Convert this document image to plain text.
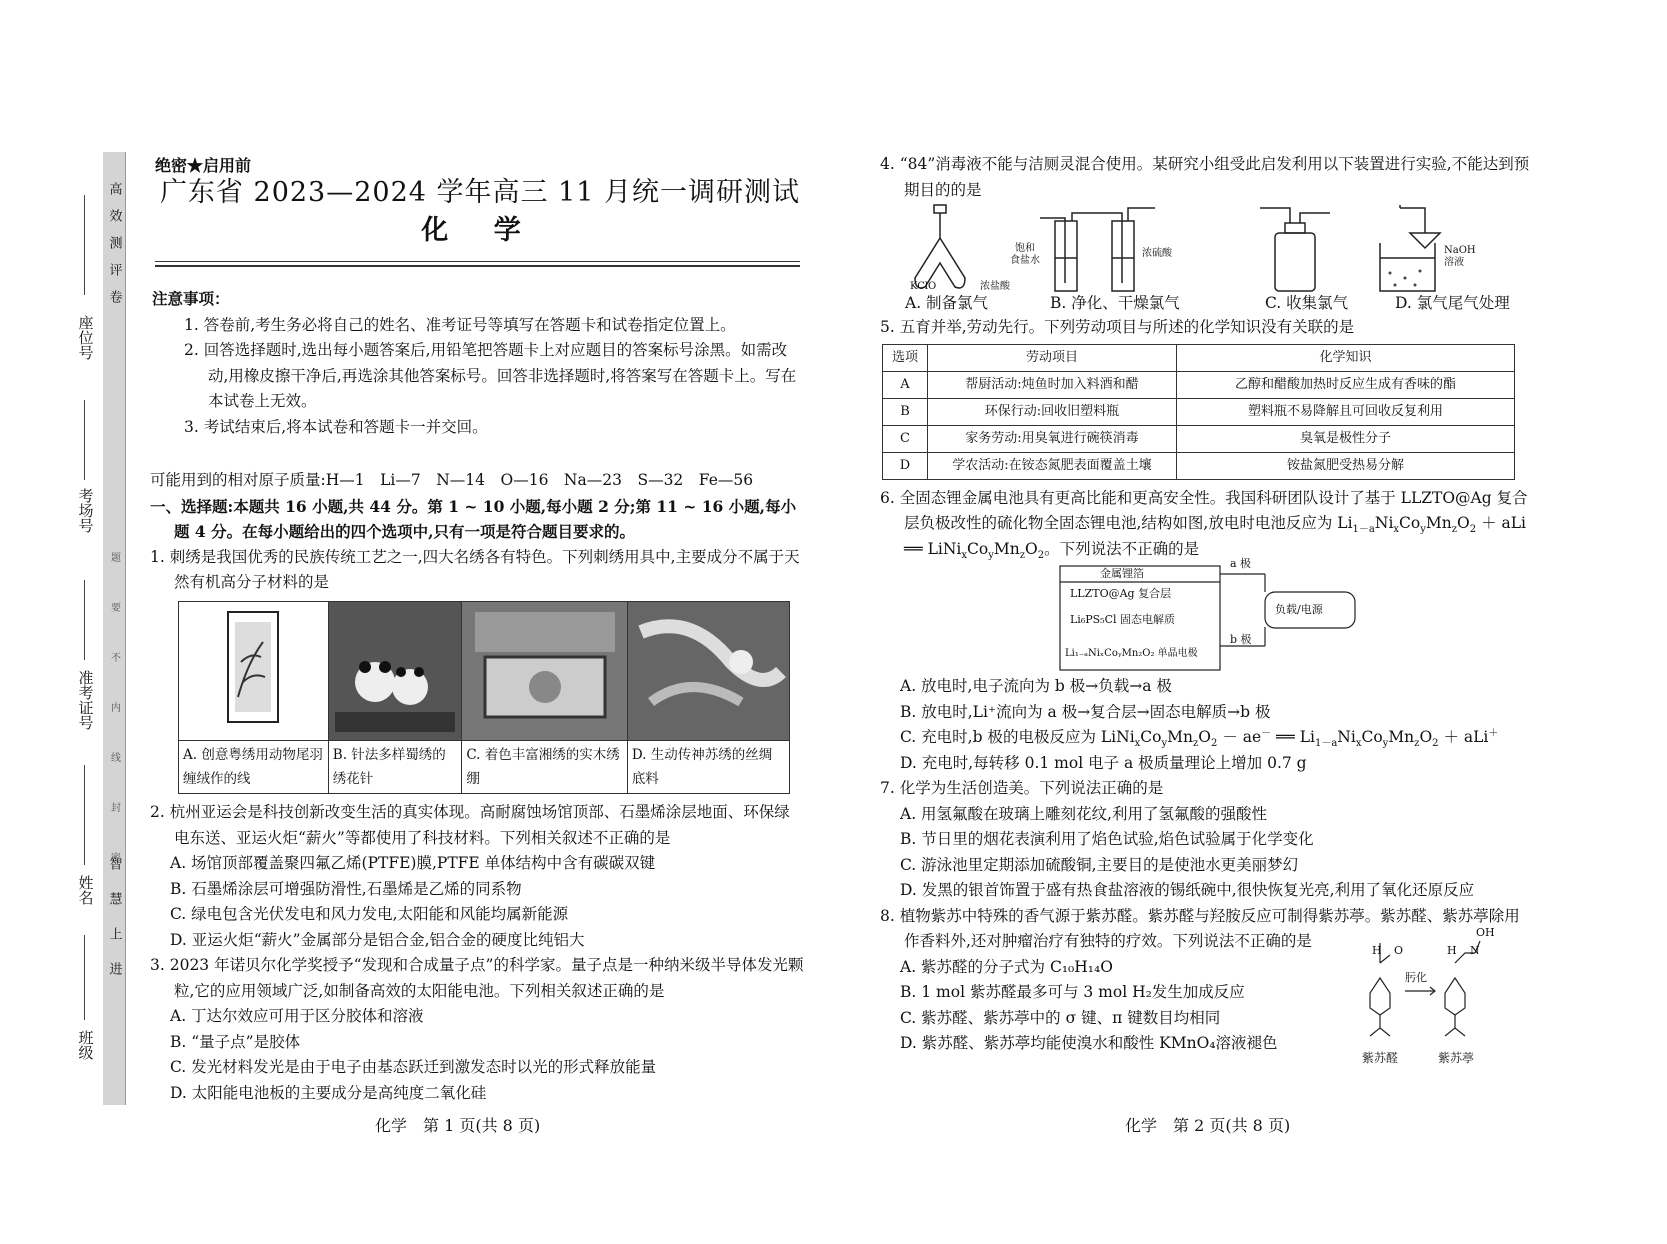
高效测评卷
题要不内线封密
智慧上进
座位号
考场号
准考证号
姓名
班级
绝密★启用前
广东省 2023—2024 学年高三 11 月统一调研测试
化 学

注意事项：

1. 答卷前,考生务必将自己的姓名、准考证号等填写在答题卡和试卷指定位置上。

2. 回答选择题时,选出每小题答案后,用铅笔把答题卡上对应题目的答案标号涂黑。如需改动,用橡皮擦干净后,再选涂其他答案标号。回答非选择题时,将答案写在答题卡上。写在本试卷上无效。

3. 考试结束后,将本试卷和答题卡一并交回。

可能用到的相对原子质量:H—1　Li—7　N—14　O—16　Na—23　S—32　Fe—56

一、选择题:本题共 16 小题,共 44 分。第 1 ~ 10 小题,每小题 2 分;第 11 ~ 16 小题,每小题 4 分。在每小题给出的四个选项中,只有一项是符合题目要求的。

1. 刺绣是我国优秀的民族传统工艺之一,四大名绣各有特色。下列刺绣用具中,主要成分不属于天然有机高分子材料的是

A. 创意粤绣用动物尾羽缠绒作的线	B. 针法多样蜀绣的绣花针	C. 着色丰富湘绣的实木绣绷	D. 生动传神苏绣的丝绸底料

2. 杭州亚运会是科技创新改变生活的真实体现。高耐腐蚀场馆顶部、石墨烯涂层地面、环保绿电东送、亚运火炬“薪火”等都使用了科技材料。下列相关叙述不正确的是

A. 场馆顶部覆盖聚四氟乙烯(PTFE)膜,PTFE 单体结构中含有碳碳双键

B. 石墨烯涂层可增强防滑性,石墨烯是乙烯的同系物

C. 绿电包含光伏发电和风力发电,太阳能和风能均属新能源

D. 亚运火炬“薪火”金属部分是铝合金,铝合金的硬度比纯铝大

3. 2023 年诺贝尔化学奖授予“发现和合成量子点”的科学家。量子点是一种纳米级半导体发光颗粒,它的应用领域广泛,如制备高效的太阳能电池。下列相关叙述正确的是

A. 丁达尔效应可用于区分胶体和溶液

B. “量子点”是胶体

C. 发光材料发光是由于电子由基态跃迁到激发态时以光的形式释放能量

D. 太阳能电池板的主要成分是高纯度二氧化硅

4. “84”消毒液不能与洁厕灵混合使用。某研究小组受此启发利用以下装置进行实验,不能达到预期目的的是

KClO	浓盐酸
饱和
食盐水
浓硫酸	NaOH
溶液
A. 制备氯气	B. 净化、干燥氯气	C. 收集氯气	D. 氯气尾气处理

5. 五育并举,劳动先行。下列劳动项目与所述的化学知识没有关联的是

选项	劳动项目	化学知识
A	帮厨活动:炖鱼时加入料酒和醋	乙醇和醋酸加热时反应生成有香味的酯
B	环保行动:回收旧塑料瓶	塑料瓶不易降解且可回收反复利用
C	家务劳动:用臭氧进行碗筷消毒	臭氧是极性分子
D	学农活动:在铵态氮肥表面覆盖土壤	铵盐氮肥受热易分解

6. 全固态锂金属电池具有更高比能和更高安全性。我国科研团队设计了基于 LLZTO@Ag 复合层负极改性的硫化物全固态锂电池,结构如图,放电时电池反应为 $Li_{1-a}Ni_xCo_yMn_zO_2$ ＋ aLi ══ $LiNi_xCo_yMn_zO_2$。下列说法不正确的是

金属锂箔
LLZTO@Ag 复合层
Li₆PS₅Cl 固态电解质
Li₁₋ₐNiₓCoᵧMn₂O₂ 单晶电极
a 极
b 极
负载/电源

A. 放电时,电子流向为 b 极→负载→a 极

B. 放电时,Li⁺流向为 a 极→复合层→固态电解质→b 极

C. 充电时,b 极的电极反应为 $LiNi_xCo_yMn_zO_2 - ae^-$ ══ $Li_{1-a}Ni_xCo_yMn_zO_2 + aLi^+$

D. 充电时,每转移 0.1 mol 电子 a 极质量理论上增加 0.7 g

7. 化学为生活创造美。下列说法正确的是

A. 用氢氟酸在玻璃上雕刻花纹,利用了氢氟酸的强酸性

B. 节日里的烟花表演利用了焰色试验,焰色试验属于化学变化

C. 游泳池里定期添加硫酸铜,主要目的是使池水更美丽梦幻

D. 发黑的银首饰置于盛有热食盐溶液的锡纸碗中,很快恢复光亮,利用了氧化还原反应

8. 植物紫苏中特殊的香气源于紫苏醛。紫苏醛与羟胺反应可制得紫苏葶。紫苏醛、紫苏葶除用作香料外,还对肿瘤治疗有独特的疗效。下列说法不正确的是

A. 紫苏醛的分子式为 C₁₀H₁₄O

B. 1 mol 紫苏醛最多可与 3 mol H₂发生加成反应

C. 紫苏醛、紫苏葶中的 σ 键、π 键数目均相同

D. 紫苏醛、紫苏葶均能使溴水和酸性 KMnO₄溶液褪色

H O	H N
OH
肟化
紫苏醛	紫苏葶
化学　第 1 页(共 8 页)	化学　第 2 页(共 8 页)
